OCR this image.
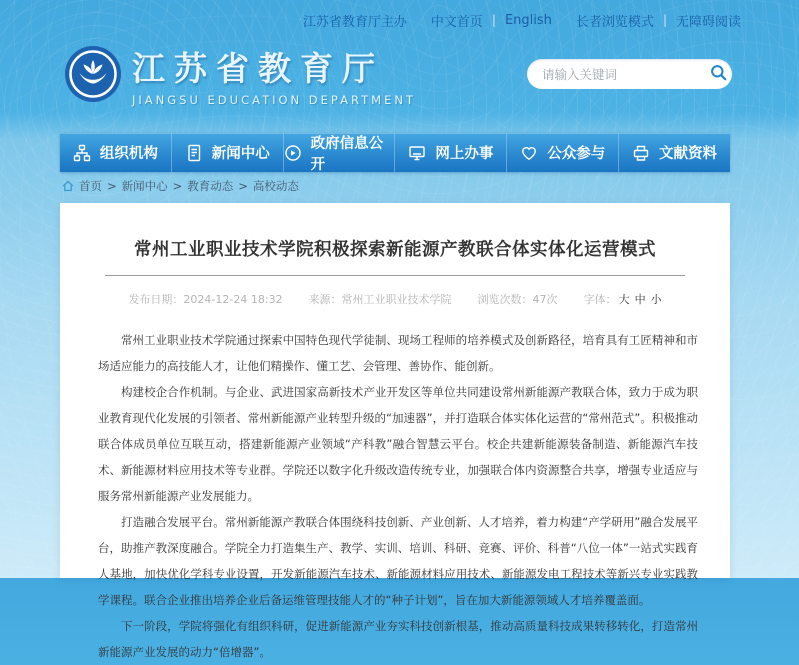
江苏省教育厅主办 中文首页 | English 长者浏览模式 | 无障碍阅读
江苏省教育厅
JIANGSU EDUCATION DEPARTMENT
请输入关键词
组织机构	新闻中心
政府信息公开
网上办事	公众参与	文献资料
首页 > 新闻中心 > 教育动态 > 高校动态
常州工业职业技术学院积极探索新能源产教联合体实体化运营模式
发布日期：2024-12-24 18:32 来源：常州工业职业技术学院 浏览次数：47次 字体： 大 中 小

常州工业职业技术学院通过探索中国特色现代学徒制、现场工程师的培养模式及创新路径，培育具有工匠精神和市场适应能力的高技能人才，让他们精操作、懂工艺、会管理、善协作、能创新。

构建校企合作机制。与企业、武进国家高新技术产业开发区等单位共同建设常州新能源产教联合体，致力于成为职业教育现代化发展的引领者、常州新能源产业转型升级的“加速器”，并打造联合体实体化运营的“常州范式”。积极推动联合体成员单位互联互动，搭建新能源产业领域“产科教”融合智慧云平台。校企共建新能源装备制造、新能源汽车技术、新能源材料应用技术等专业群。学院还以数字化升级改造传统专业，加强联合体内资源整合共享，增强专业适应与服务常州新能源产业发展能力。

打造融合发展平台。常州新能源产教联合体围绕科技创新、产业创新、人才培养，着力构建“产学研用”融合发展平台，助推产教深度融合。学院全力打造集生产、教学、实训、培训、科研、竞赛、评价、科普“八位一体”一站式实践育人基地，加快优化学科专业设置，开发新能源汽车技术、新能源材料应用技术、新能源发电工程技术等新兴专业实践教学课程。联合企业推出培养企业后备运维管理技能人才的“种子计划”，旨在加大新能源领域人才培养覆盖面。

下一阶段，学院将强化有组织科研，促进新能源产业夯实科技创新根基，推动高质量科技成果转移转化，打造常州新能源产业发展的动力“倍增器”。
